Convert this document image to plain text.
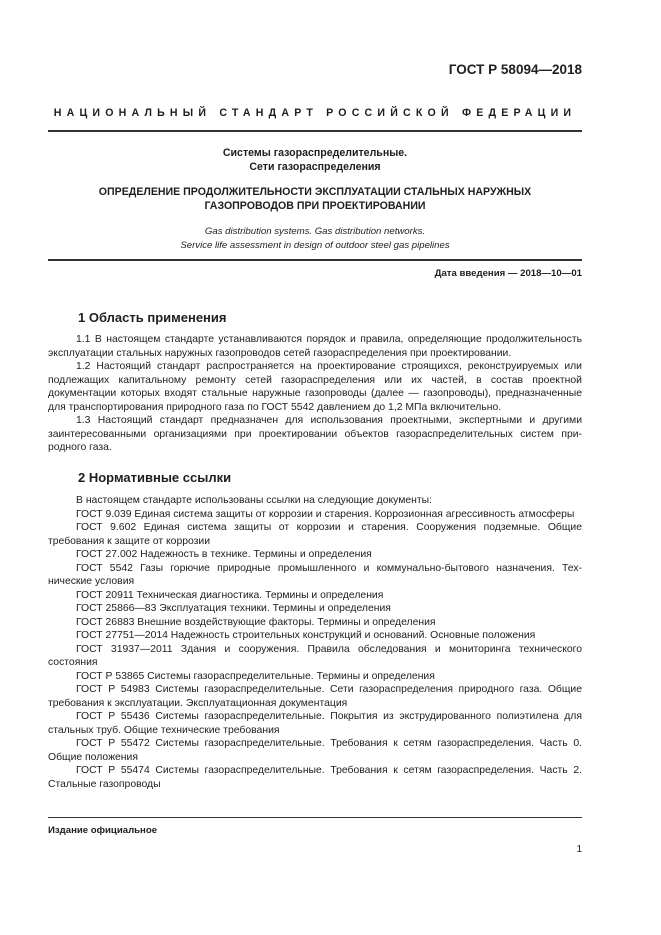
ГОСТ Р 58094—2018
НАЦИОНАЛЬНЫЙ СТАНДАРТ РОССИЙСКОЙ ФЕДЕРАЦИИ
Системы газораспределительные.
Сети газораспределения
ОПРЕДЕЛЕНИЕ ПРОДОЛЖИТЕЛЬНОСТИ ЭКСПЛУАТАЦИИ СТАЛЬНЫХ НАРУЖНЫХ
ГАЗОПРОВОДОВ ПРИ ПРОЕКТИРОВАНИИ
Gas distribution systems. Gas distribution networks.
Service life assessment in design of outdoor steel gas pipelines
Дата введения — 2018—10—01
1 Область применения

1.1 В настоящем стандарте устанавливаются порядок и правила, определяющие продолжительность эксплуатации стальных наружных газопроводов сетей газораспределения при проектировании.

1.2 Настоящий стандарт распространяется на проектирование строящихся, реконструируемых или подлежащих капитальному ремонту сетей газораспределения или их частей, в состав проектной документации которых входят стальные наружные газопроводы (далее — газопроводы), предназначенные для транспортирования природного газа по ГОСТ 5542 давлением до 1,2 МПа включительно.

1.3 Настоящий стандарт предназначен для использования проектными, экспертными и другими заинтересованными организациями при проектировании объектов газораспределительных систем природного газа.

2 Нормативные ссылки

В настоящем стандарте использованы ссылки на следующие документы:

ГОСТ 9.039 Единая система защиты от коррозии и старения. Коррозионная агрессивность атмосферы

ГОСТ 9.602 Единая система защиты от коррозии и старения. Сооружения подземные. Общие требования к защите от коррозии

ГОСТ 27.002 Надежность в технике. Термины и определения

ГОСТ 5542 Газы горючие природные промышленного и коммунально-бытового назначения. Технические условия

ГОСТ 20911 Техническая диагностика. Термины и определения

ГОСТ 25866—83 Эксплуатация техники. Термины и определения

ГОСТ 26883 Внешние воздействующие факторы. Термины и определения

ГОСТ 27751—2014 Надежность строительных конструкций и оснований. Основные положения

ГОСТ 31937—2011 Здания и сооружения. Правила обследования и мониторинга технического состояния

ГОСТ Р 53865 Системы газораспределительные. Термины и определения

ГОСТ Р 54983 Системы газораспределительные. Сети газораспределения природного газа. Общие требования к эксплуатации. Эксплуатационная документация

ГОСТ Р 55436 Системы газораспределительные. Покрытия из экструдированного полиэтилена для стальных труб. Общие технические требования

ГОСТ Р 55472 Системы газораспределительные. Требования к сетям газораспределения. Часть 0. Общие положения

ГОСТ Р 55474 Системы газораспределительные. Требования к сетям газораспределения. Часть 2. Стальные газопроводы

Издание официальное
1
